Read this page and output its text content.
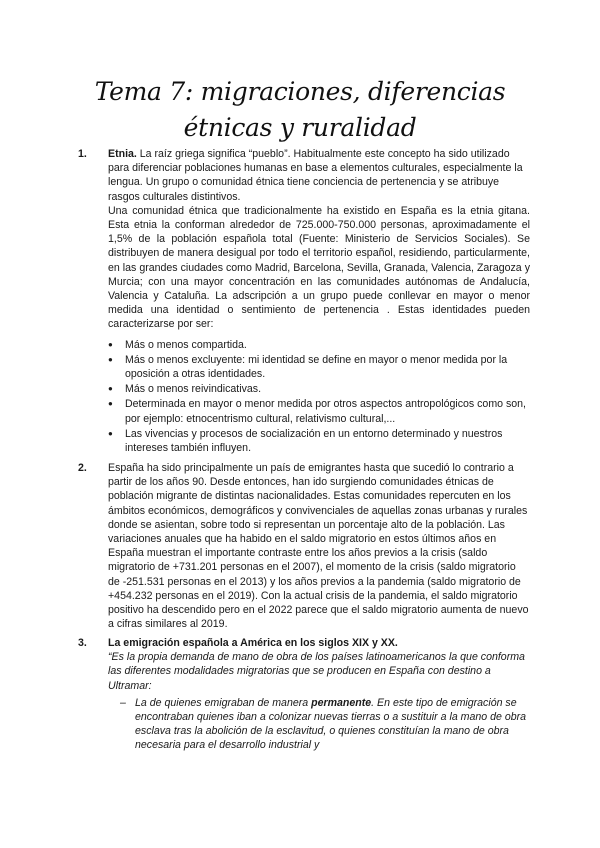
Tema 7: migraciones, diferencias étnicas y ruralidad
1. Etnia. La raíz griega significa “pueblo”. Habitualmente este concepto ha sido utilizado para diferenciar poblaciones humanas en base a elementos culturales, especialmente la lengua. Un grupo o comunidad étnica tiene conciencia de pertenencia y se atribuye rasgos culturales distintivos.

Una comunidad étnica que tradicionalmente ha existido en España es la etnia gitana. Esta etnia la conforman alrededor de 725.000-750.000 personas, aproximadamente el 1,5% de la población española total (Fuente: Ministerio de Servicios Sociales). Se distribuyen de manera desigual por todo el territorio español, residiendo, particularmente, en las grandes ciudades como Madrid, Barcelona, Sevilla, Granada, Valencia, Zaragoza y Murcia; con una mayor concentración en las comunidades autónomas de Andalucía, Valencia y Cataluña. La adscripción a un grupo puede conllevar en mayor o menor medida una identidad o sentimiento de pertenencia . Estas identidades pueden caracterizarse por ser:

● Más o menos compartida.
● Más o menos excluyente: mi identidad se define en mayor o menor medida por la oposición a otras identidades.
● Más o menos reivindicativas.
● Determinada en mayor o menor medida por otros aspectos antropológicos como son, por ejemplo: etnocentrismo cultural, relativismo cultural,...
● Las vivencias y procesos de socialización en un entorno determinado y nuestros intereses también influyen.
2. España ha sido principalmente un país de emigrantes hasta que sucedió lo contrario a partir de los años 90. Desde entonces, han ido surgiendo comunidades étnicas de población migrante de distintas nacionalidades. Estas comunidades repercuten en los ámbitos económicos, demográficos y convivenciales de aquellas zonas urbanas y rurales donde se asientan, sobre todo si representan un porcentaje alto de la población. Las variaciones anuales que ha habido en el saldo migratorio en estos últimos años en España muestran el importante contraste entre los años previos a la crisis (saldo migratorio de +731.201 personas en el 2007), el momento de la crisis (saldo migratorio de -251.531 personas en el 2013) y los años previos a la pandemia (saldo migratorio de +454.232 personas en el 2019). Con la actual crisis de la pandemia, el saldo migratorio positivo ha descendido pero en el 2022 parece que el saldo migratorio aumenta de nuevo a cifras similares al 2019.

3. La emigración española a América en los siglos XIX y XX.

“Es la propia demanda de mano de obra de los países latinoamericanos la que conforma las diferentes modalidades migratorias que se producen en España con destino a Ultramar:

– La de quienes emigraban de manera permanente. En este tipo de emigración se encontraban quienes iban a colonizar nuevas tierras o a sustituir a la mano de obra esclava tras la abolición de la esclavitud, o quienes constituían la mano de obra necesaria para el desarrollo industrial y
